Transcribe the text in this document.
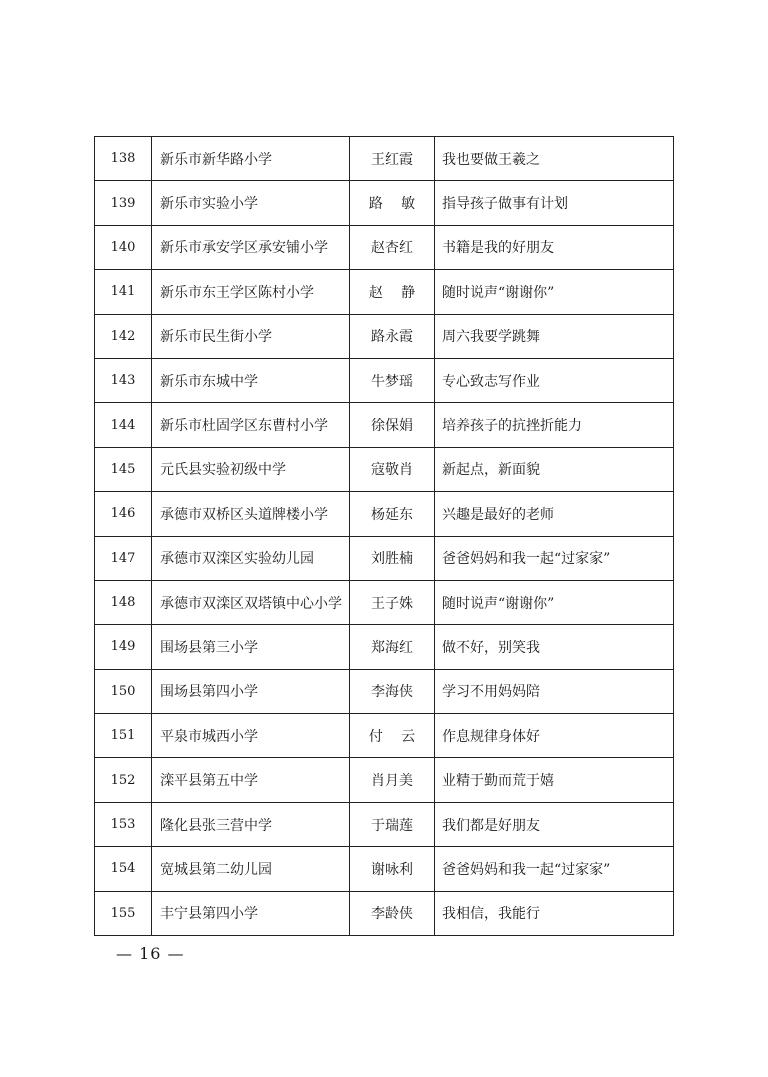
138	新乐市新华路小学	王红霞	我也要做王羲之
139	新乐市实验小学	路敏	指导孩子做事有计划
140	新乐市承安学区承安铺小学	赵杏红	书籍是我的好朋友
141	新乐市东王学区陈村小学	赵静	随时说声“谢谢你”
142	新乐市民生街小学	路永霞	周六我要学跳舞
143	新乐市东城中学	牛梦瑶	专心致志写作业
144	新乐市杜固学区东曹村小学	徐保娟	培养孩子的抗挫折能力
145	元氏县实验初级中学	寇敬肖	新起点，新面貌
146	承德市双桥区头道牌楼小学	杨延东	兴趣是最好的老师
147	承德市双滦区实验幼儿园	刘胜楠	爸爸妈妈和我一起“过家家”
148	承德市双滦区双塔镇中心小学	王子姝	随时说声“谢谢你”
149	围场县第三小学	郑海红	做不好，别笑我
150	围场县第四小学	李海侠	学习不用妈妈陪
151	平泉市城西小学	付云	作息规律身体好
152	滦平县第五中学	肖月美	业精于勤而荒于嬉
153	隆化县张三营中学	于瑞莲	我们都是好朋友
154	宽城县第二幼儿园	谢咏利	爸爸妈妈和我一起“过家家”
155	丰宁县第四小学	李龄侠	我相信，我能行
— 16 —
